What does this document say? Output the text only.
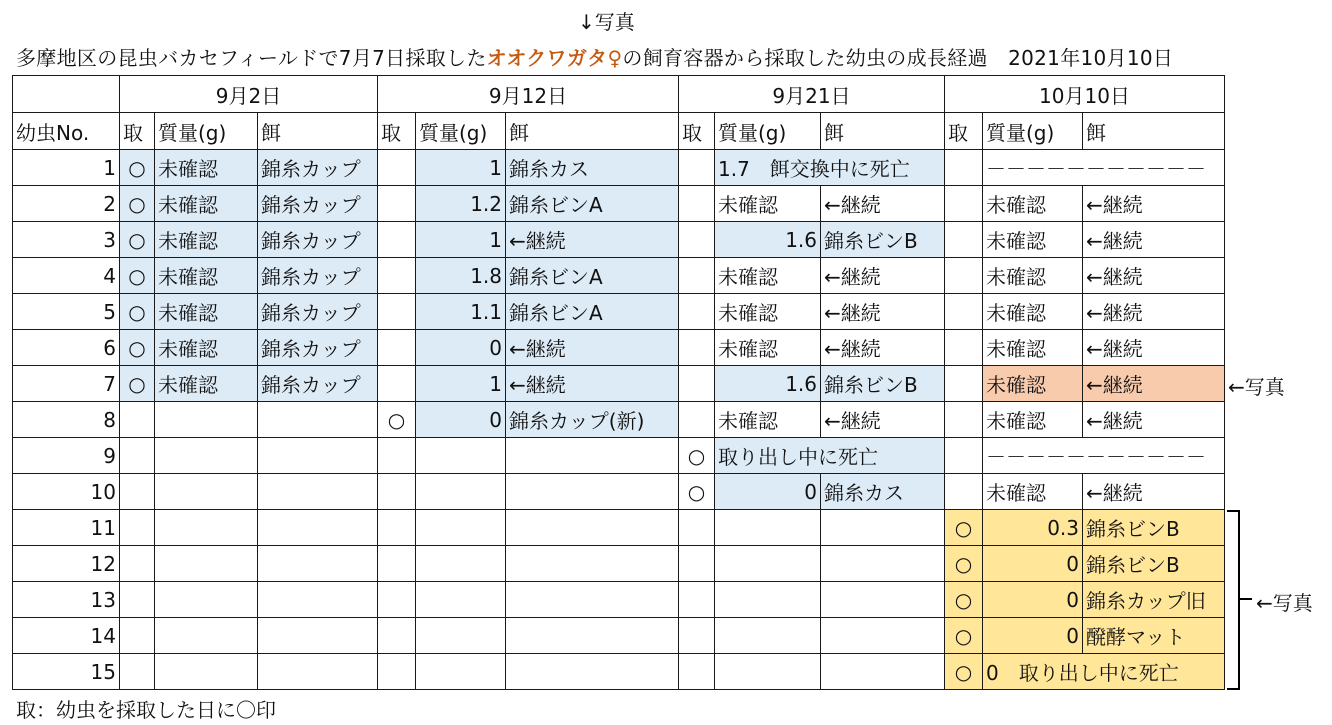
↓写真
多摩地区の昆虫バカセフィールドで7月7日採取したオオクワガタ♀の飼育容器から採取した幼虫の成長経過　2021年10月10日
	9月2日			9月12日			9月21日			10月10日		
幼虫No.	取	質量(g)	餌	取	質量(g)	餌	取	質量(g)	餌	取	質量(g)	餌
1	○	未確認	錦糸カップ		1	錦糸カス		1.7　餌交換中に死亡			－－－－－－－－－－－	
2	○	未確認	錦糸カップ		1.2	錦糸ビンA		未確認	←継続		未確認	←継続
3	○	未確認	錦糸カップ		1	←継続		1.6	錦糸ビンB		未確認	←継続
4	○	未確認	錦糸カップ		1.8	錦糸ビンA		未確認	←継続		未確認	←継続
5	○	未確認	錦糸カップ		1.1	錦糸ビンA		未確認	←継続		未確認	←継続
6	○	未確認	錦糸カップ		0	←継続		未確認	←継続		未確認	←継続
7	○	未確認	錦糸カップ		1	←継続		1.6	錦糸ビンB		未確認	←継続
8				○	0	錦糸カップ(新)		未確認	←継続		未確認	←継続
9							○	取り出し中に死亡			－－－－－－－－－－－	
10							○	0	錦糸カス		未確認	←継続
11										○	0.3	錦糸ビンB
12										○	0	錦糸ビンB
13										○	0	錦糸カップ旧
14										○	0	醗酵マット
15										○	0　取り出し中に死亡	
←写真
←写真
取：幼虫を採取した日に〇印
